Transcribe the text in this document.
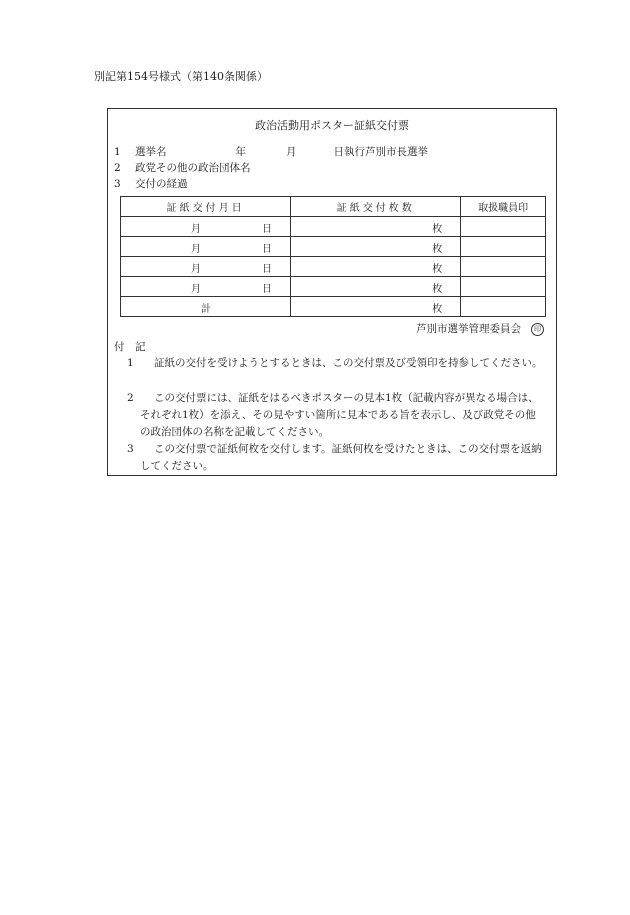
別記第154号様式（第140条関係）
政治活動用ポスター証紙交付票
1 選挙名	年	月	日執行芦別市長選挙
2 政党その他の政治団体名
3 交付の経過
証紙交付月日	証紙交付枚数	取扱職員印

月 日	枚	

月 日	枚	

月 日	枚	

月 日	枚	

計	枚	

芦別市選挙管理委員会 印
付　記
1	証紙の交付を受けようとするときは、この交付票及び受領印を持参してください。
2	この交付票には、証紙をはるべきポスターの見本1枚（記載内容が異なる場合は、それぞれ1枚）を添え、その見やすい箇所に見本である旨を表示し、及び政党その他の政治団体の名称を記載してください。
3	この交付票で証紙何枚を交付します。証紙何枚を受けたときは、この交付票を返納してください。
